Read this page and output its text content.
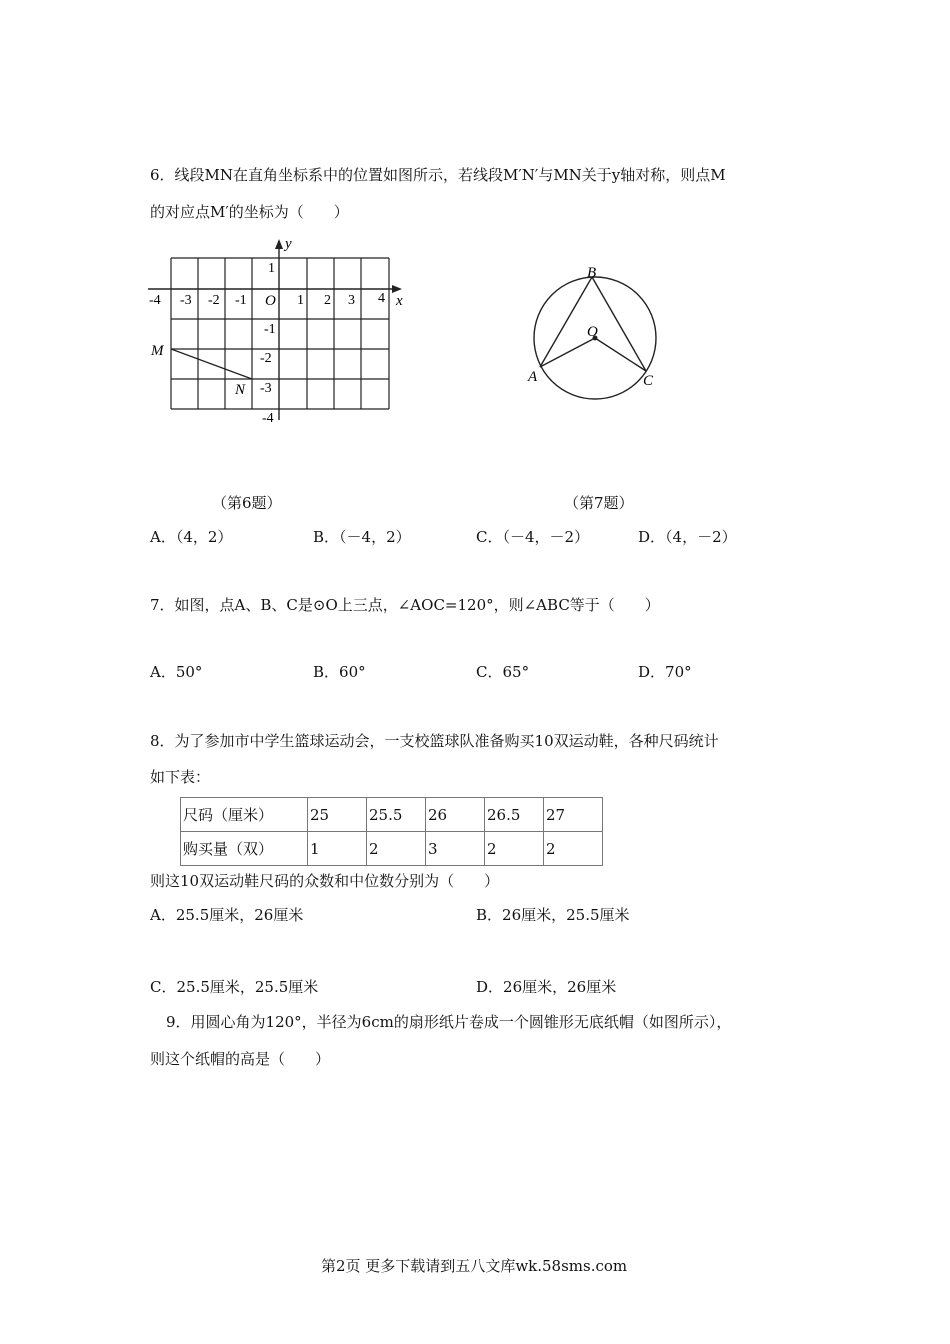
6．线段MN在直角坐标系中的位置如图所示，若线段M′N′与MN关于y轴对称，则点M
的对应点M′的坐标为（　　）
y
x
O
-4 -3 -2 -1	1 2 3 4
1
-1
-2
-3
-4
M
N
B
O
A	C
（第6题）	（第7题）
A．（4，2）	B．（－4，2）	C．（－4，－2）	D．（4，－2）
7．如图，点A、B、C是⊙O上三点，∠AOC=120°，则∠ABC等于（　　）
A．50°	B．60°	C．65°	D．70°
8．为了参加市中学生篮球运动会，一支校篮球队准备购买10双运动鞋，各种尺码统计
如下表：
尺码（厘米）	25	25.5	26	26.5	27
购买量（双）	1	2	3	2	2
则这10双运动鞋尺码的众数和中位数分别为（　　）
A．25.5厘米，26厘米	B．26厘米，25.5厘米
C．25.5厘米，25.5厘米	D．26厘米，26厘米
9．用圆心角为120°，半径为6cm的扇形纸片卷成一个圆锥形无底纸帽（如图所示），
则这个纸帽的高是（　　）
第2页 更多下载请到五八文库wk.58sms.com
